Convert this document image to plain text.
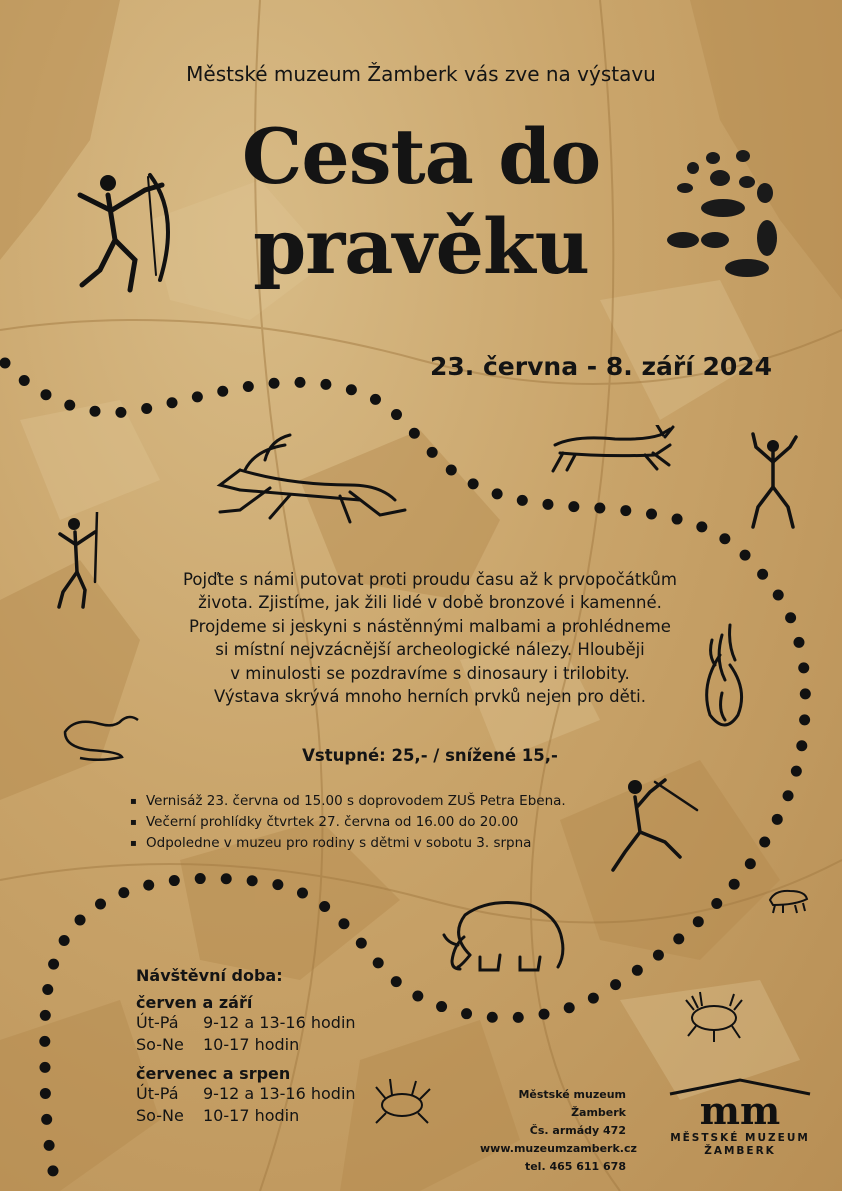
Městské muzeum Žamberk vás zve na výstavu
Cesta do
pravěku
23. června - 8. září 2024
Pojďte s námi putovat proti proudu času až k prvopočátkům
života. Zjistíme, jak žili lidé v době bronzové i kamenné.
Projdeme si jeskyni s nástěnnými malbami a prohlédneme
si místní nejvzácnější archeologické nálezy. Hlouběji
v minulosti se pozdravíme s dinosaury i trilobity.
Výstava skrývá mnoho herních prvků nejen pro děti.
Vstupné: 25,- / snížené 15,-
▪ Vernisáž 23. června od 15.00 s doprovodem ZUŠ Petra Ebena.
▪ Večerní prohlídky čtvrtek 27. června od 16.00 do 20.00
▪ Odpoledne v muzeu pro rodiny s dětmi v sobotu 3. srpna
Návštěvní doba:
červen a září
Út-Pá	9-12 a 13-16 hodin
So-Ne	10-17 hodin
červenec a srpen
Út-Pá	9-12 a 13-16 hodin
So-Ne	10-17 hodin
Městské muzeum Žamberk
Čs. armády 472
www.muzeumzamberk.cz
tel. 465 611 678
mm
MĚSTSKÉ MUZEUM
ŽAMBERK
